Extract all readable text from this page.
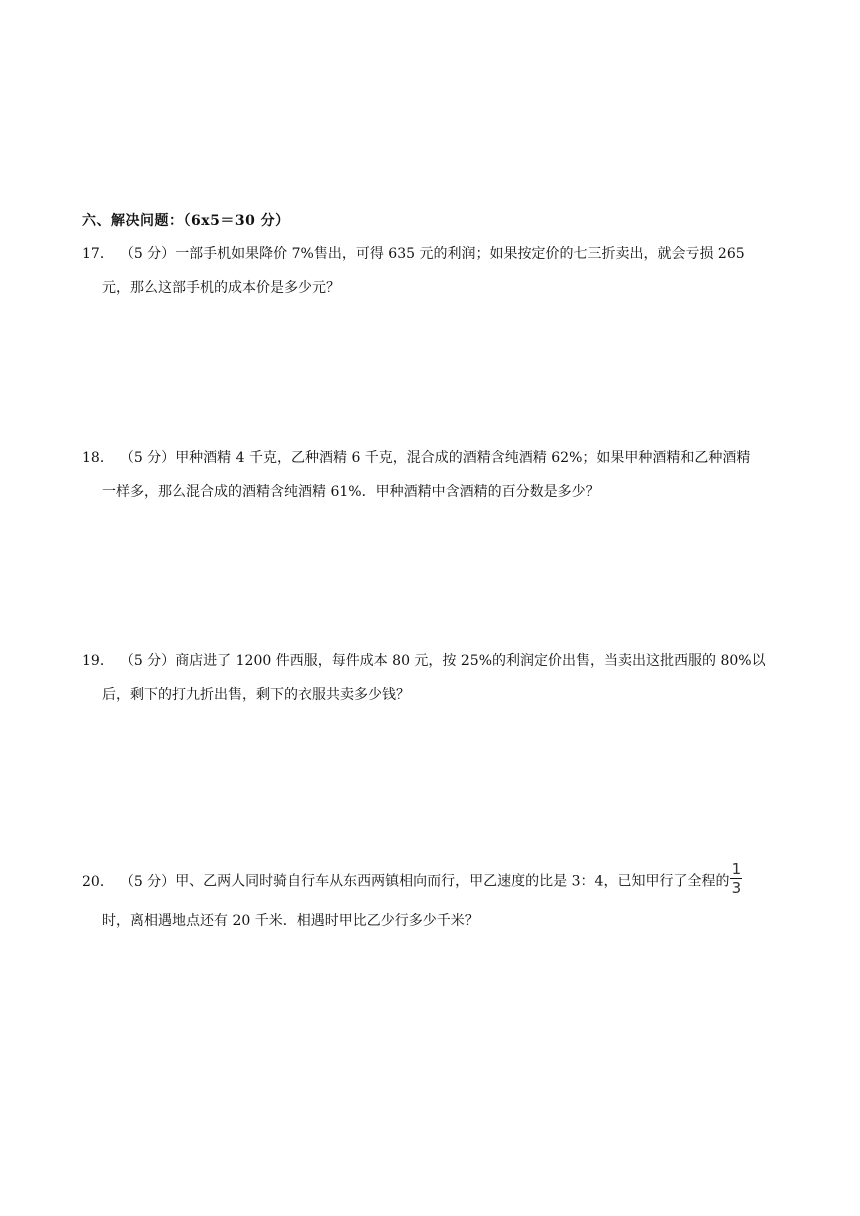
六、解决问题：（6x5＝30 分）
17． （5 分）一部手机如果降价 7%售出，可得 635 元的利润；如果按定价的七三折卖出，就会亏损 265
元，那么这部手机的成本价是多少元？
18． （5 分）甲种酒精 4 千克，乙种酒精 6 千克，混合成的酒精含纯酒精 62%；如果甲种酒精和乙种酒精
一样多，那么混合成的酒精含纯酒精 61%．甲种酒精中含酒精的百分数是多少？
19． （5 分）商店进了 1200 件西服，每件成本 80 元，按 25%的利润定价出售，当卖出这批西服的 80%以
后，剩下的打九折出售，剩下的衣服共卖多少钱？
20． （5 分）甲、乙两人同时骑自行车从东西两镇相向而行，甲乙速度的比是 3：4，已知甲行了全程的 $\frac{1}{3}$
时，离相遇地点还有 20 千米．相遇时甲比乙少行多少千米？
